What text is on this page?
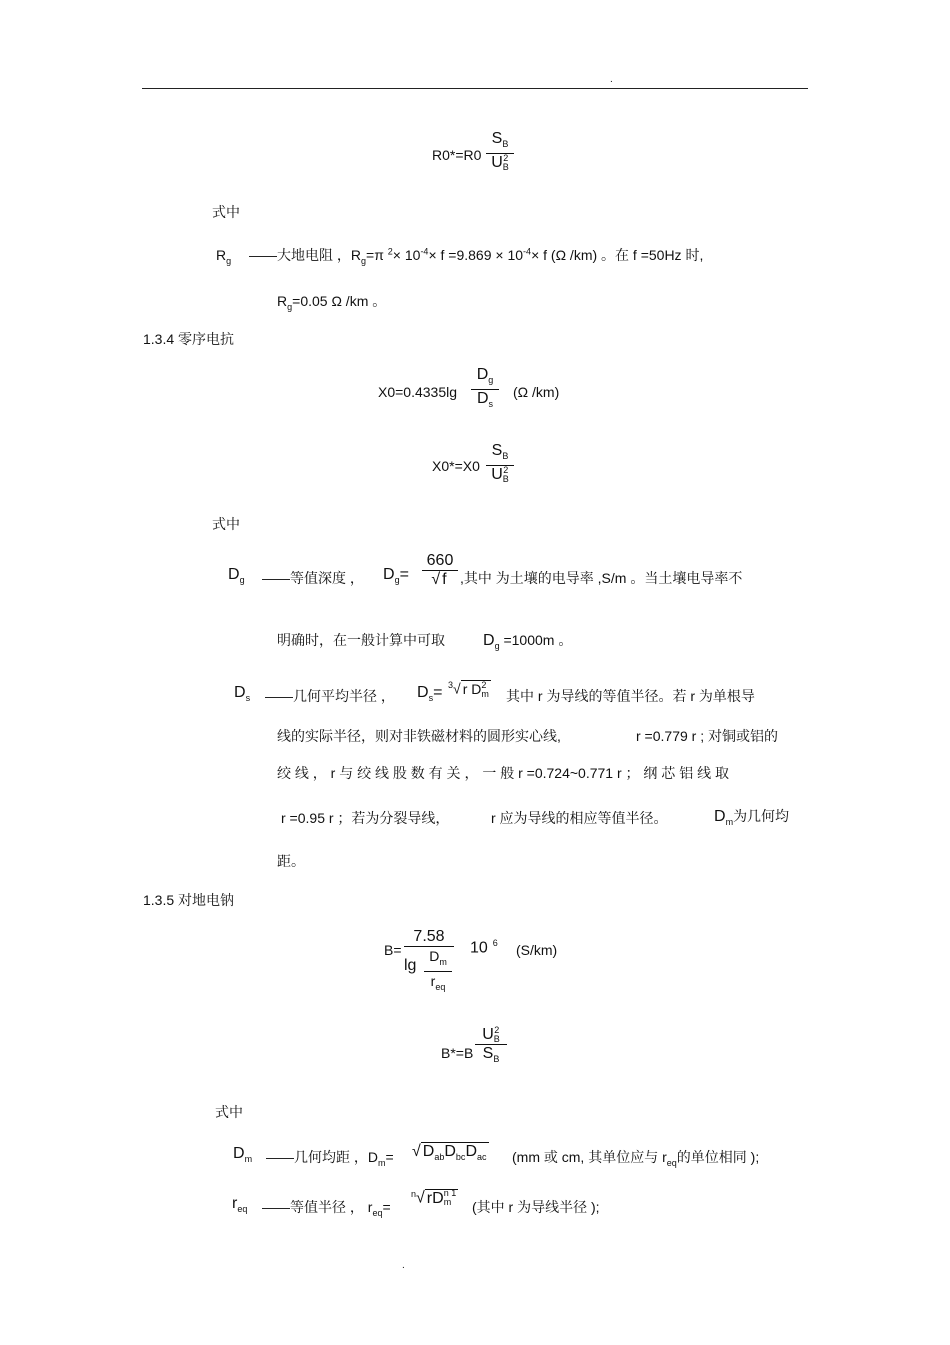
.
R0*=R0
$S_B$
U2
B
式中
$R_g$ ——大地电阻 ，$R_g=\pi$ $^2\times 10^{-4}\times f =9.869 \times 10^{-4}\times f$ (Ω /km) 。在 f =50Hz 时,
$R_g=0.05$ Ω /km 。
1.3.4 零序电抗
X0=0.4335lg
$D_g$
$D_s$
(Ω /km)
X0*=X0
$S_B$
U2
B
式中
$D_g$ ——等值深度 ， $D_g=$
660
√ f ,其中 为土壤的电导率 ,S/m 。当土壤电导率不
明确时，在一般计算中可取 $D_g =1000m$ 。
$D_s$ ——几何平均半径 ， $D_s= ^3√$ r D2
m 其中 r 为导线的等值半径。若 r 为单根导
线的实际半径，则对非铁磁材料的圆形实心线,	r =0.779 r ; 对铜或铝的
绞 线 ， r 与 绞 线 股 数 有 关 ， 一 般 r =0.724~0.771 r ； 纲 芯 铝 线 取
r =0.95 r ；若为分裂导线，	r 应为导线的相应等值半径。	$D_m$为几何均
距。
1.3.5 对地电钠
B=
7.58
lg
$D_m$
$r_{eq}$
10 $^6$ (S/km)
B*=B
U2
B
$S_B$
式中
$D_m$ ——几何均距 ，$D_m=$ √ $D_{ab}D_{bc}D_{ac}$ (mm 或 cm, 其单位应与 $r_{eq}$的单位相同 );
$r_{eq}$ ——等值半径 ， $r_{eq}=$
$^n$√ rDn 1
m	(其中 r 为导线半径 );
.
